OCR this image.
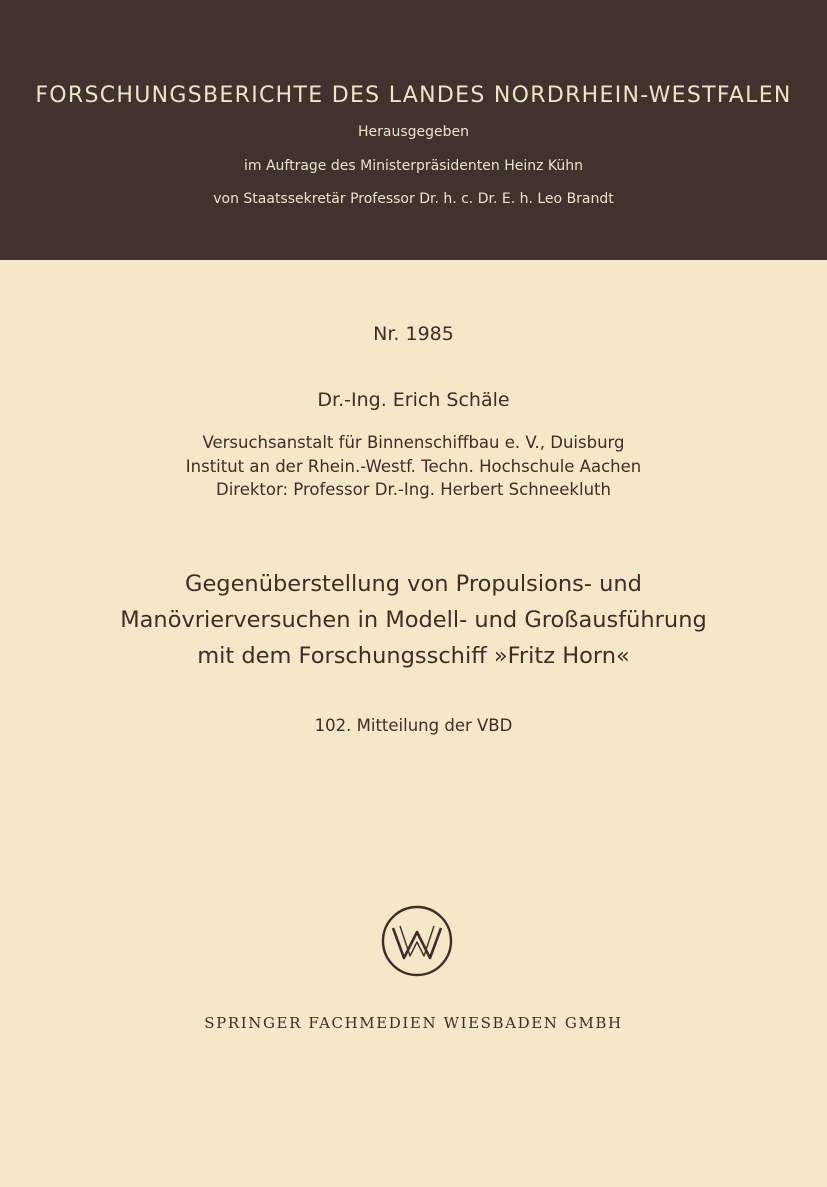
FORSCHUNGSBERICHTE DES LANDES NORDRHEIN-WESTFALEN
Herausgegeben
im Auftrage des Ministerpräsidenten Heinz Kühn
von Staatssekretär Professor Dr. h. c. Dr. E. h. Leo Brandt
Nr. 1985
Dr.-Ing. Erich Schäle
Versuchsanstalt für Binnenschiffbau e. V., Duisburg
Institut an der Rhein.-Westf. Techn. Hochschule Aachen
Direktor: Professor Dr.-Ing. Herbert Schneekluth
Gegenüberstellung von Propulsions- und
Manövrierversuchen in Modell- und Großausführung
mit dem Forschungsschiff »Fritz Horn«
102. Mitteilung der VBD
SPRINGER FACHMEDIEN WIESBADEN GMBH
